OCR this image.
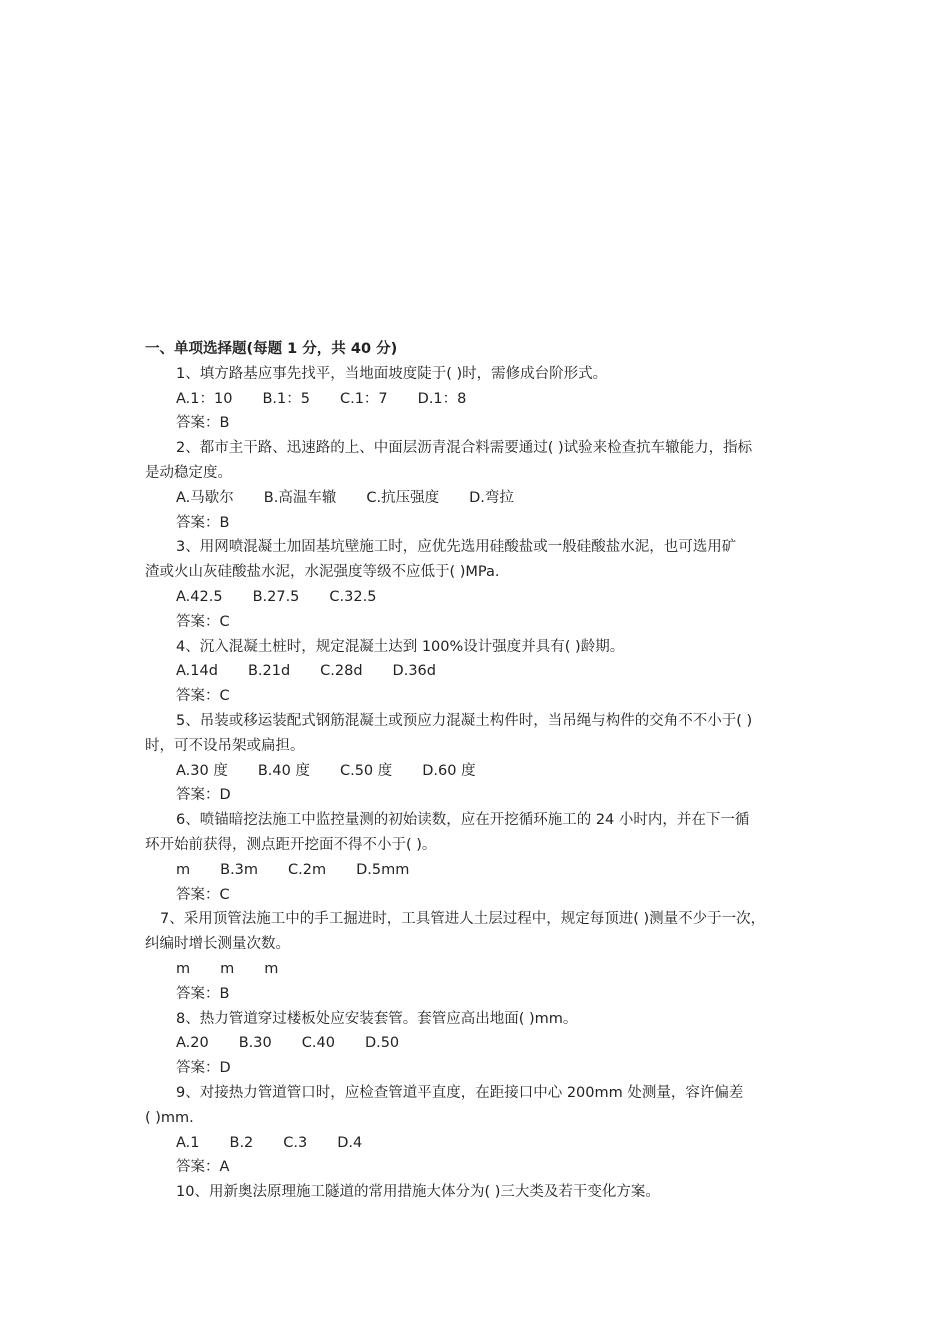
一、单项选择题(每题 1 分，共 40 分)
1、填方路基应事先找平，当地面坡度陡于( )时，需修成台阶形式。
A.1：10 B.1：5 C.1：7 D.1：8
答案：B
2、都市主干路、迅速路的上、中面层沥青混合料需要通过( )试验来检查抗车辙能力，指标
是动稳定度。
A.马歇尔 B.高温车辙 C.抗压强度 D.弯拉
答案：B
3、用网喷混凝土加固基坑壁施工时，应优先选用硅酸盐或一般硅酸盐水泥，也可选用矿
渣或火山灰硅酸盐水泥，水泥强度等级不应低于( )MPa.
A.42.5 B.27.5 C.32.5
答案：C
4、沉入混凝土桩时，规定混凝土达到 100%设计强度并具有( )龄期。
A.14d B.21d C.28d D.36d
答案：C
5、吊装或移运装配式钢筋混凝土或预应力混凝土构件时，当吊绳与构件的交角不不小于( )
时，可不设吊架或扁担。
A.30 度 B.40 度 C.50 度 D.60 度
答案：D
6、喷锚暗挖法施工中监控量测的初始读数，应在开挖循环施工的 24 小时内，并在下一循
环开始前获得，测点距开挖面不得不小于( )。
m B.3m C.2m D.5mm
答案：C
7、采用顶管法施工中的手工掘进时，工具管进人土层过程中，规定每顶进( )测量不少于一次，
纠编时增长测量次数。
m m m
答案：B
8、热力管道穿过楼板处应安装套管。套管应高出地面( )mm。
A.20 B.30 C.40 D.50
答案：D
9、对接热力管道管口时，应检查管道平直度，在距接口中心 200mm 处测量，容许偏差
( )mm.
A.1 B.2 C.3 D.4
答案：A
10、用新奥法原理施工隧道的常用措施大体分为( )三大类及若干变化方案。
